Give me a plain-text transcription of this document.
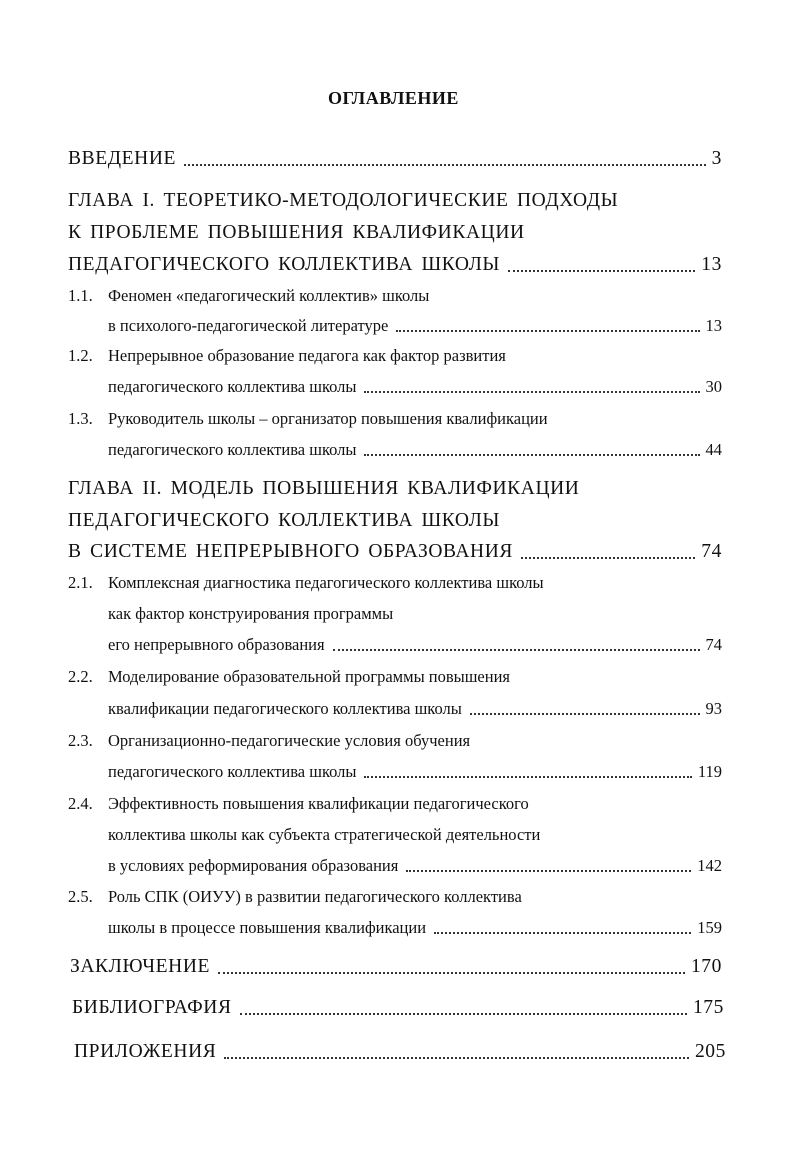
ОГЛАВЛЕНИЕ
ВВЕДЕНИЕ	3
ГЛАВА I. ТЕОРЕТИКО-МЕТОДОЛОГИЧЕСКИЕ ПОДХОДЫ
К ПРОБЛЕМЕ ПОВЫШЕНИЯ КВАЛИФИКАЦИИ
ПЕДАГОГИЧЕСКОГО КОЛЛЕКТИВА ШКОЛЫ	13
1.1. Феномен «педагогический коллектив» школы
в психолого-педагогической литературе	13
1.2. Непрерывное образование педагога как фактор развития
педагогического коллектива школы	30
1.3. Руководитель школы – организатор повышения квалификации
педагогического коллектива школы	44
ГЛАВА II. МОДЕЛЬ ПОВЫШЕНИЯ КВАЛИФИКАЦИИ
ПЕДАГОГИЧЕСКОГО КОЛЛЕКТИВА ШКОЛЫ
В СИСТЕМЕ НЕПРЕРЫВНОГО ОБРАЗОВАНИЯ	74
2.1. Комплексная диагностика педагогического коллектива школы
как фактор конструирования программы
его непрерывного образования	74
2.2. Моделирование образовательной программы повышения
квалификации педагогического коллектива школы	93
2.3. Организационно-педагогические условия обучения
педагогического коллектива школы	119
2.4. Эффективность повышения квалификации педагогического
коллектива школы как субъекта стратегической деятельности
в условиях реформирования образования	142
2.5. Роль СПК (ОИУУ) в развитии педагогического коллектива
школы в процессе повышения квалификации	159
ЗАКЛЮЧЕНИЕ	170
БИБЛИОГРАФИЯ	175
ПРИЛОЖЕНИЯ	205
